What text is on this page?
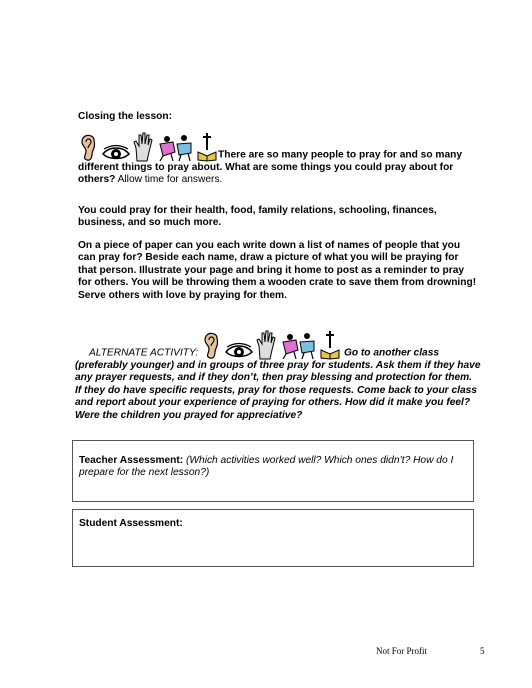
Closing the lesson:
There are so many people to pray for and so many different things to pray about. What are some things you could pray about for others? Allow time for answers.
You could pray for their health, food, family relations, schooling, finances, business, and so much more.
On a piece of paper can you each write down a list of names of people that you can pray for? Beside each name, draw a picture of what you will be praying for that person. Illustrate your page and bring it home to post as a reminder to pray for others. You will be throwing them a wooden crate to save them from drowning! Serve others with love by praying for them.
ALTERNATE ACTIVITY:	Go to another class (preferably younger) and in groups of three pray for students. Ask them if they have any prayer requests, and if they don’t, then pray blessing and protection for them. If they do have specific requests, pray for those requests. Come back to your class and report about your experience of praying for others. How did it make you feel? Were the children you prayed for appreciative?
Teacher Assessment: (Which activities worked well? Which ones didn’t? How do I prepare for the next lesson?)
Student Assessment:
Not For Profit	5
